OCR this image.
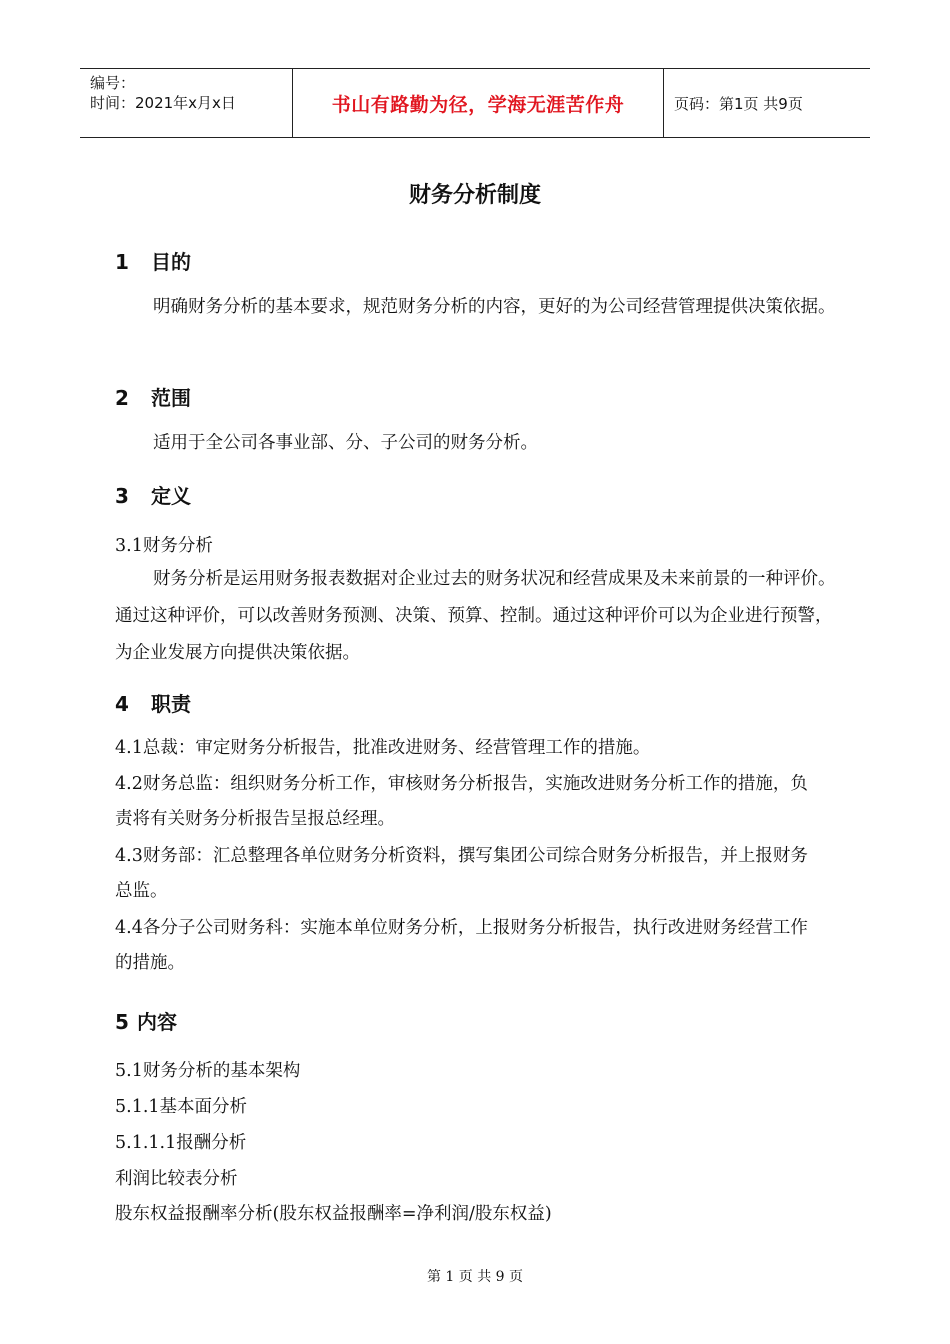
编号：
时间：2021年x月x日	书山有路勤为径，学海无涯苦作舟	页码：第1页 共9页
财务分析制度
1 目的
明确财务分析的基本要求，规范财务分析的内容，更好的为公司经营管理提供决策依据。
2 范围
适用于全公司各事业部、分、子公司的财务分析。
3 定义
3.1财务分析
财务分析是运用财务报表数据对企业过去的财务状况和经营成果及未来前景的一种评价。通过这种评价，可以改善财务预测、决策、预算、控制。通过这种评价可以为企业进行预警，为企业发展方向提供决策依据。
4 职责
4.1总裁：审定财务分析报告，批准改进财务、经营管理工作的措施。
4.2财务总监：组织财务分析工作，审核财务分析报告，实施改进财务分析工作的措施，负责将有关财务分析报告呈报总经理。
4.3财务部：汇总整理各单位财务分析资料，撰写集团公司综合财务分析报告，并上报财务总监。
4.4各分子公司财务科：实施本单位财务分析，上报财务分析报告，执行改进财务经营工作的措施。
5 内容
5.1财务分析的基本架构
5.1.1基本面分析
5.1.1.1报酬分析
利润比较表分析
股东权益报酬率分析(股东权益报酬率=净利润/股东权益)
第 1 页 共 9 页
